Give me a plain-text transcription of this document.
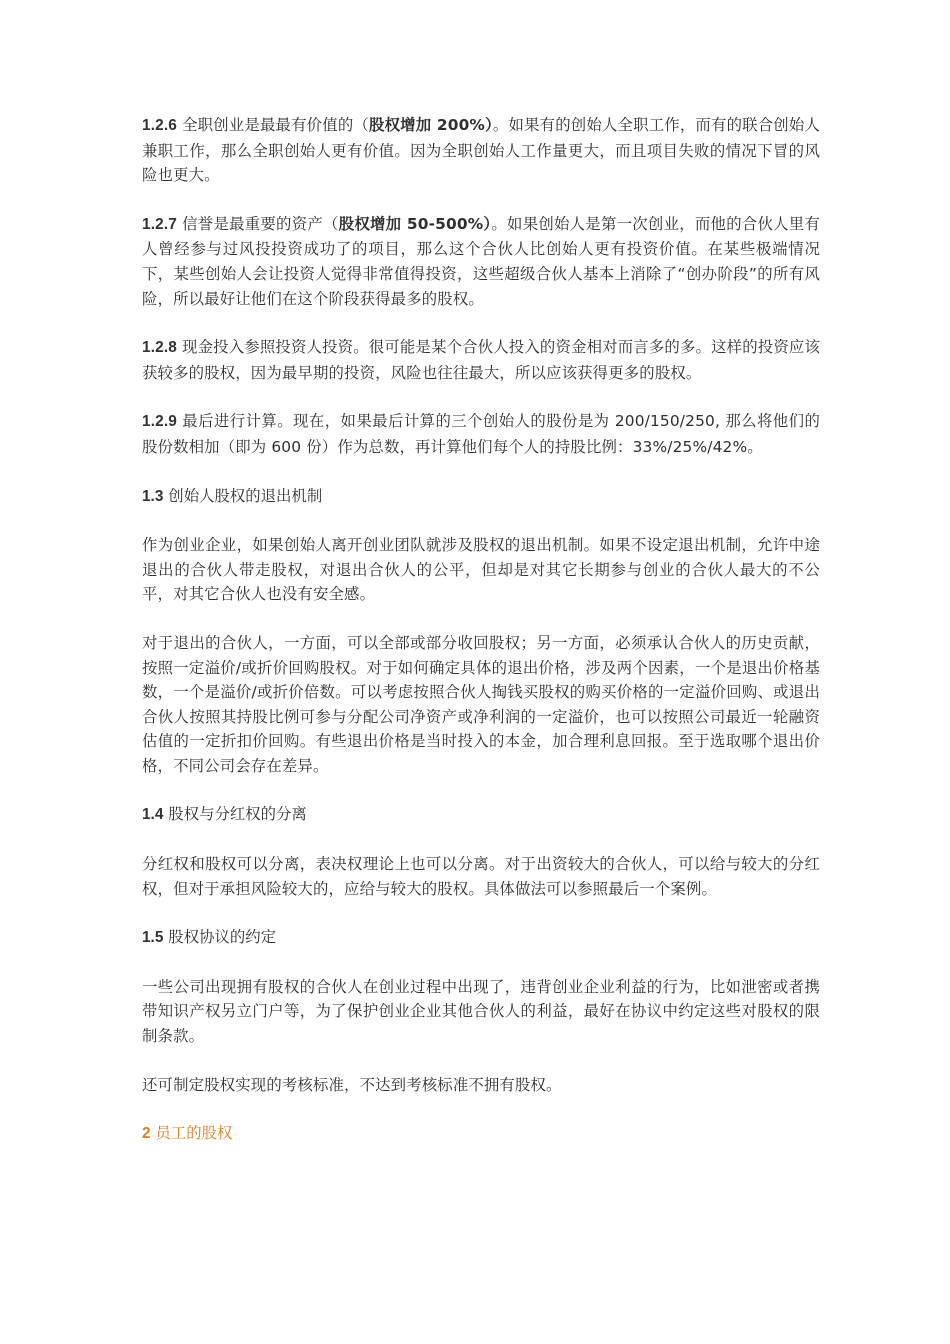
1.2.6 全职创业是最最有价值的（股权增加 200%）。如果有的创始人全职工作，而有的联合创始人兼职工作，那么全职创始人更有价值。因为全职创始人工作量更大，而且项目失败的情况下冒的风险也更大。

1.2.7 信誉是最重要的资产（股权增加 50-500%）。如果创始人是第一次创业，而他的合伙人里有人曾经参与过风投投资成功了的项目，那么这个合伙人比创始人更有投资价值。在某些极端情况下，某些创始人会让投资人觉得非常值得投资，这些超级合伙人基本上消除了“创办阶段”的所有风险，所以最好让他们在这个阶段获得最多的股权。

1.2.8 现金投入参照投资人投资。很可能是某个合伙人投入的资金相对而言多的多。这样的投资应该获较多的股权，因为最早期的投资，风险也往往最大，所以应该获得更多的股权。

1.2.9 最后进行计算。现在，如果最后计算的三个创始人的股份是为 200/150/250, 那么将他们的股份数相加（即为 600 份）作为总数，再计算他们每个人的持股比例：33%/25%/42%。

1.3 创始人股权的退出机制

作为创业企业，如果创始人离开创业团队就涉及股权的退出机制。如果不设定退出机制，允许中途退出的合伙人带走股权，对退出合伙人的公平，但却是对其它长期参与创业的合伙人最大的不公平，对其它合伙人也没有安全感。

对于退出的合伙人，一方面，可以全部或部分收回股权；另一方面，必须承认合伙人的历史贡献，按照一定溢价/或折价回购股权。对于如何确定具体的退出价格，涉及两个因素，一个是退出价格基数，一个是溢价/或折价倍数。可以考虑按照合伙人掏钱买股权的购买价格的一定溢价回购、或退出合伙人按照其持股比例可参与分配公司净资产或净利润的一定溢价，也可以按照公司最近一轮融资估值的一定折扣价回购。有些退出价格是当时投入的本金，加合理利息回报。至于选取哪个退出价格，不同公司会存在差异。

1.4 股权与分红权的分离

分红权和股权可以分离，表决权理论上也可以分离。对于出资较大的合伙人，可以给与较大的分红权，但对于承担风险较大的，应给与较大的股权。具体做法可以参照最后一个案例。

1.5 股权协议的约定

一些公司出现拥有股权的合伙人在创业过程中出现了，违背创业企业利益的行为，比如泄密或者携带知识产权另立门户等，为了保护创业企业其他合伙人的利益，最好在协议中约定这些对股权的限制条款。

还可制定股权实现的考核标准，不达到考核标准不拥有股权。

2 员工的股权
